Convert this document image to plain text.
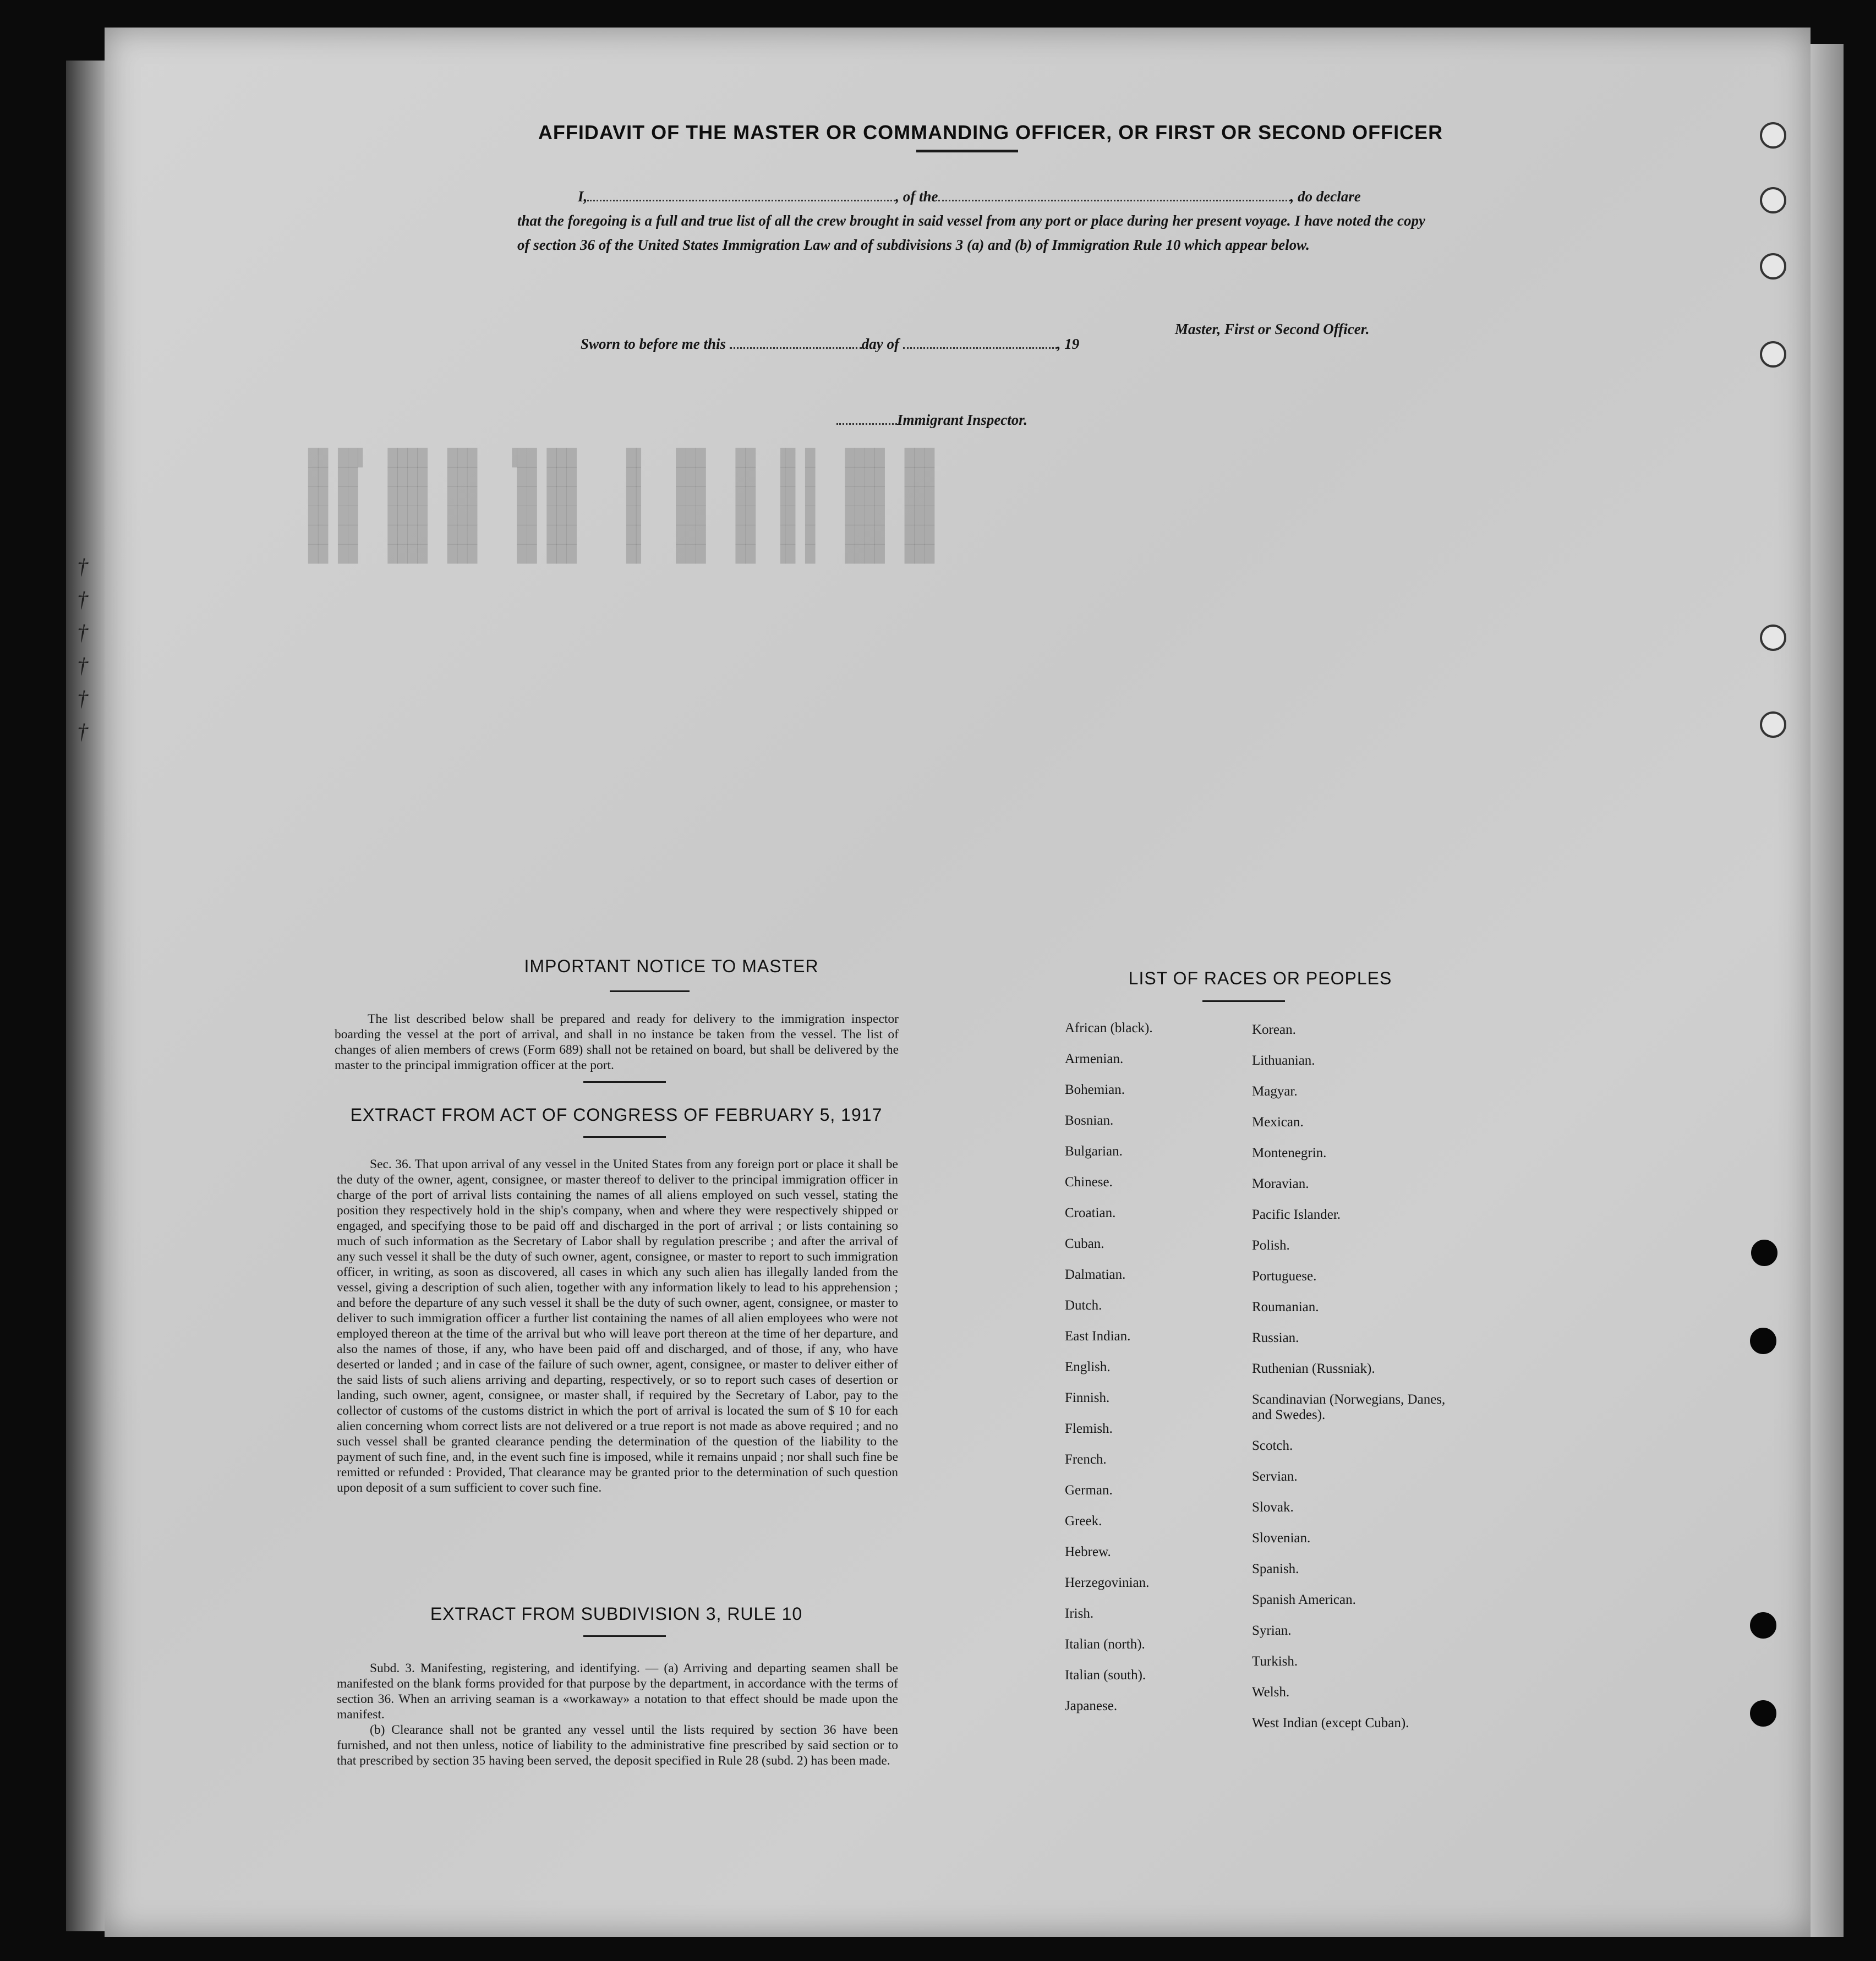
██ ██▌  ████  ███   ▐██ ███     █▌   ███   ██  ▐█ █   ████  ███
██ ██   ████  ███    ██ ███     █▌   ███   ██  ▐█ █   ████  ███
██ ██   ████  ███    ██ ███     █▌   ███   ██  ▐█ █   ████  ███
██ ██   ████  ███    ██ ███     █▌   ███   ██  ▐█ █   ████  ███
██ ██   ████  ███    ██ ███     █▌   ███   ██  ▐█ █   ████  ███
██ ██   ████  ███    ██ ███     █▌   ███   ██  ▐█ █   ████  ███

AFFIDAVIT OF THE MASTER OR COMMANDING OFFICER, OR FIRST OR SECOND OFFICER
I,	, of the	, do declare
that the foregoing is a full and true list of all the crew brought in said vessel from any port or place during her present voyage. I have noted the copy of section 36 of the United States Immigration Law and of subdivisions 3 (a) and (b) of Immigration Rule 10 which appear below.
Master, First or Second Officer.
Sworn to before me this	day of	, 19
Immigrant Inspector.
IMPORTANT NOTICE TO MASTER

The list described below shall be prepared and ready for delivery to the immigration inspector boarding the vessel at the port of arrival, and shall in no instance be taken from the vessel. The list of changes of alien members of crews (Form 689) shall not be retained on board, but shall be delivered by the master to the principal immigration officer at the port.

EXTRACT FROM ACT OF CONGRESS OF FEBRUARY 5, 1917

Sec. 36. That upon arrival of any vessel in the United States from any foreign port or place it shall be the duty of the owner, agent, consignee, or master thereof to deliver to the principal immigration officer in charge of the port of arrival lists containing the names of all aliens employed on such vessel, stating the position they respectively hold in the ship's company, when and where they were respectively shipped or engaged, and specifying those to be paid off and discharged in the port of arrival ; or lists containing so much of such information as the Secretary of Labor shall by regulation prescribe ; and after the arrival of any such vessel it shall be the duty of such owner, agent, consignee, or master to report to such immigration officer, in writing, as soon as discovered, all cases in which any such alien has illegally landed from the vessel, giving a description of such alien, together with any information likely to lead to his apprehension ; and before the departure of any such vessel it shall be the duty of such owner, agent, consignee, or master to deliver to such immigration officer a further list containing the names of all alien employees who were not employed thereon at the time of the arrival but who will leave port thereon at the time of her departure, and also the names of those, if any, who have been paid off and discharged, and of those, if any, who have deserted or landed ; and in case of the failure of such owner, agent, consignee, or master to deliver either of the said lists of such aliens arriving and departing, respectively, or so to report such cases of desertion or landing, such owner, agent, consignee, or master shall, if required by the Secretary of Labor, pay to the collector of customs of the customs district in which the port of arrival is located the sum of $ 10 for each alien concerning whom correct lists are not delivered or a true report is not made as above required ; and no such vessel shall be granted clearance pending the determination of the question of the liability to the payment of such fine, and, in the event such fine is imposed, while it remains unpaid ; nor shall such fine be remitted or refunded : Provided, That clearance may be granted prior to the determination of such question upon deposit of a sum sufficient to cover such fine.

EXTRACT FROM SUBDIVISION 3, RULE 10

Subd. 3. Manifesting, registering, and identifying. — (a) Arriving and departing seamen shall be manifested on the blank forms provided for that purpose by the department, in accordance with the terms of section 36. When an arriving seaman is a «workaway» a notation to that effect should be made upon the manifest.

(b) Clearance shall not be granted any vessel until the lists required by section 36 have been furnished, and not then unless, notice of liability to the administrative fine prescribed by said section or to that prescribed by section 35 having been served, the deposit specified in Rule 28 (subd. 2) has been made.

LIST OF RACES OR PEOPLES
African (black).
Armenian.
Bohemian.
Bosnian.
Bulgarian.
Chinese.
Croatian.
Cuban.
Dalmatian.
Dutch.
East Indian.
English.
Finnish.
Flemish.
French.
German.
Greek.
Hebrew.
Herzegovinian.
Irish.
Italian (north).
Italian (south).
Japanese.
Korean.
Lithuanian.
Magyar.
Mexican.
Montenegrin.
Moravian.
Pacific Islander.
Polish.
Portuguese.
Roumanian.
Russian.
Ruthenian (Russniak).
Scandinavian (Norwegians, Danes, and Swedes).
Scotch.
Servian.
Slovak.
Slovenian.
Spanish.
Spanish American.
Syrian.
Turkish.
Welsh.
West Indian (except Cuban).
†
†
†
†
†
†
